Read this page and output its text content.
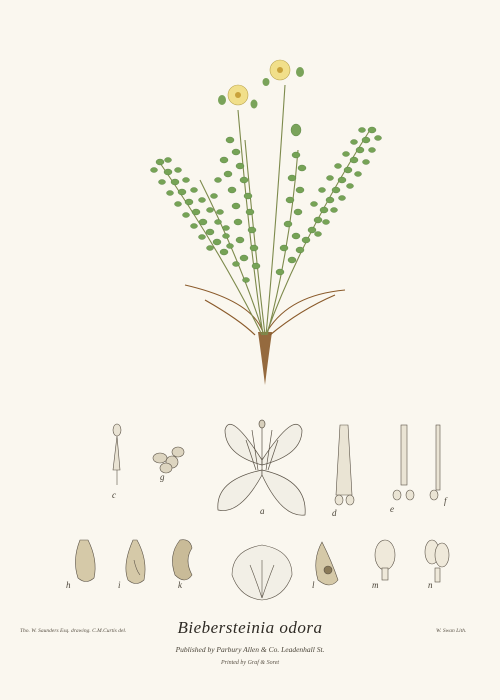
c
g
a	d	e
f
h	i	k	l	m	n
Tho. W. Saunders Esq. drawing. C.M.Curtis del.	W. Swan Lith.
Biebersteinia odora
Published by Parbury Allen & Co. Leadenhall St.
Printed by Graf & Soret
